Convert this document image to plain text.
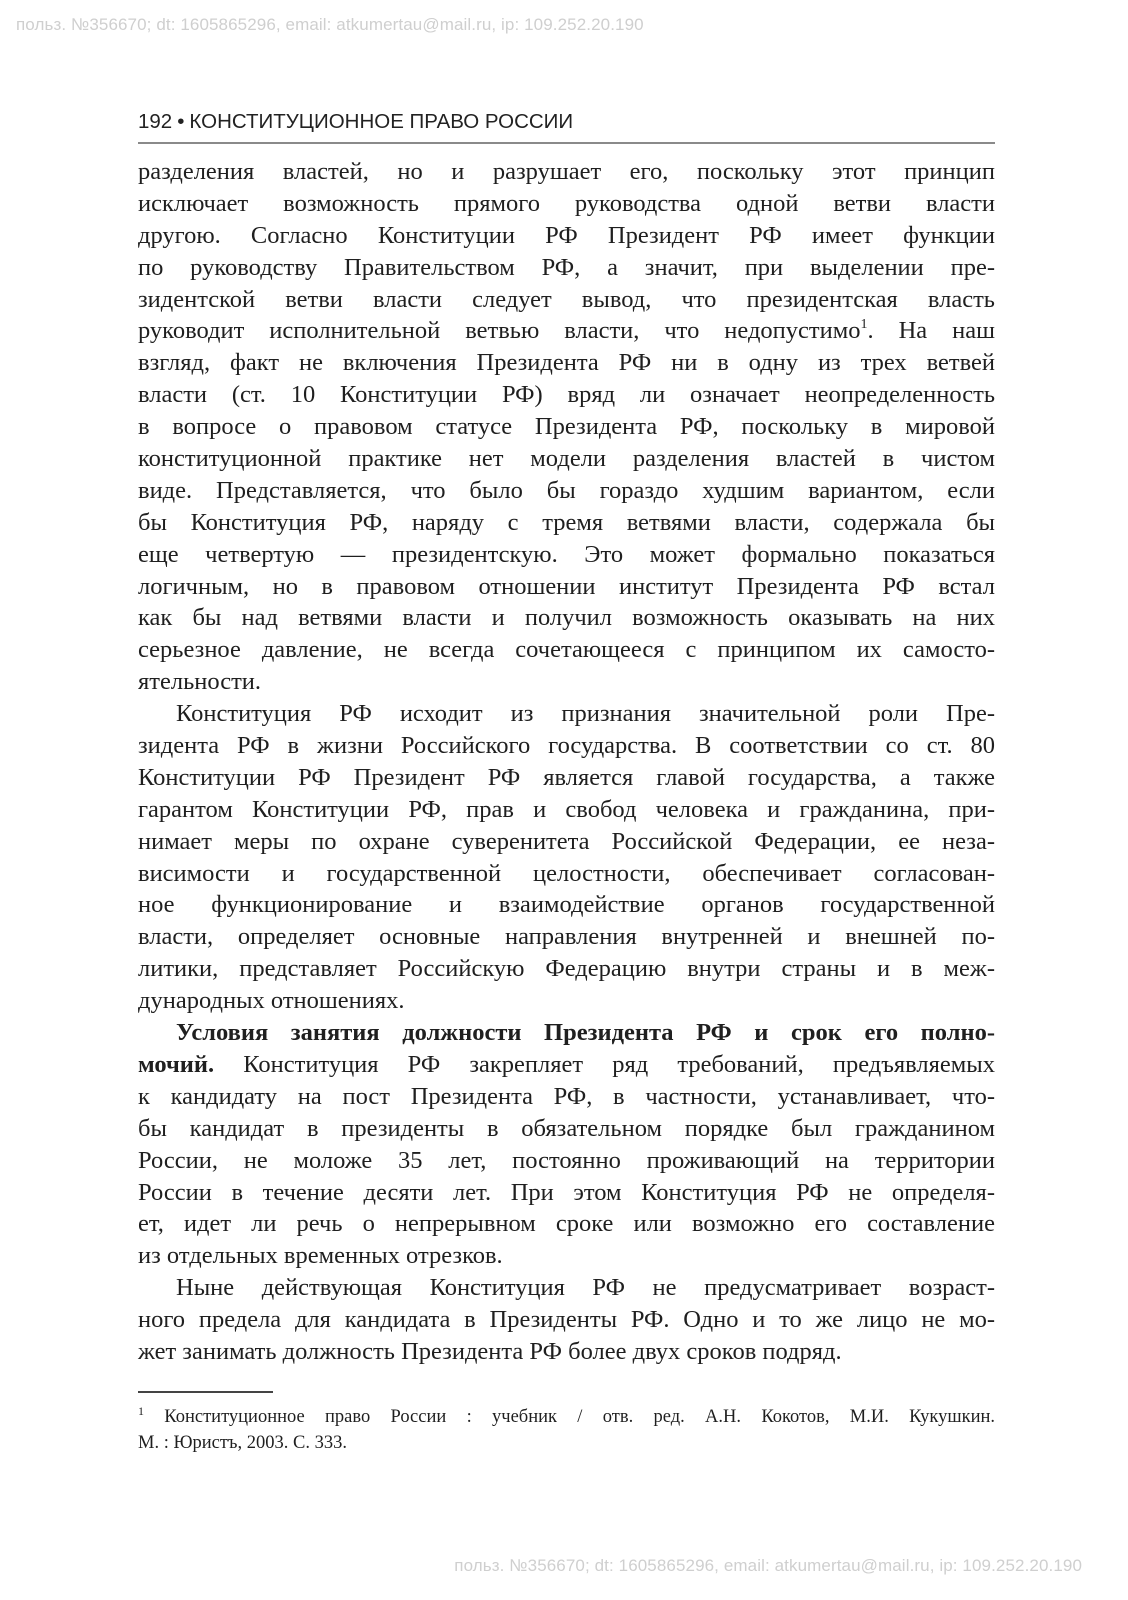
польз. №356670; dt: 1605865296, email: atkumertau@mail.ru, ip: 109.252.20.190
192 • КОНСТИТУЦИОННОЕ ПРАВО РОССИИ
разделения властей, но и разрушает его, поскольку этот принцип
исключает возможность прямого руководства одной ветви власти
другою. Согласно Конституции РФ Президент РФ имеет функции
по руководству Правительством РФ, а значит, при выделении пре-
зидентской ветви власти следует вывод, что президентская власть
руководит исполнительной ветвью власти, что недопустимо$^1$. На наш
взгляд, факт не включения Президента РФ ни в одну из трех ветвей
власти (ст. 10 Конституции РФ) вряд ли означает неопределенность
в вопросе о правовом статусе Президента РФ, поскольку в мировой
конституционной практике нет модели разделения властей в чистом
виде. Представляется, что было бы гораздо худшим вариантом, если
бы Конституция РФ, наряду с тремя ветвями власти, содержала бы
еще четвертую — президентскую. Это может формально показаться
логичным, но в правовом отношении институт Президента РФ встал
как бы над ветвями власти и получил возможность оказывать на них
серьезное давление, не всегда сочетающееся с принципом их самосто-
ятельности.
Конституция РФ исходит из признания значительной роли Пре-
зидента РФ в жизни Российского государства. В соответствии со ст. 80
Конституции РФ Президент РФ является главой государства, а также
гарантом Конституции РФ, прав и свобод человека и гражданина, при-
нимает меры по охране суверенитета Российской Федерации, ее неза-
висимости и государственной целостности, обеспечивает согласован-
ное функционирование и взаимодействие органов государственной
власти, определяет основные направления внутренней и внешней по-
литики, представляет Российскую Федерацию внутри страны и в меж-
дународных отношениях.
Условия занятия должности Президента РФ и срок его полно-
мочий. Конституция РФ закрепляет ряд требований, предъявляемых
к кандидату на пост Президента РФ, в частности, устанавливает, что-
бы кандидат в президенты в обязательном порядке был гражданином
России, не моложе 35 лет, постоянно проживающий на территории
России в течение десяти лет. При этом Конституция РФ не определя-
ет, идет ли речь о непрерывном сроке или возможно его составление
из отдельных временных отрезков.
Ныне действующая Конституция РФ не предусматривает возраст-
ного предела для кандидата в Президенты РФ. Одно и то же лицо не мо-
жет занимать должность Президента РФ более двух сроков подряд.
$^1$ Конституционное право России : учебник / отв. ред. А.Н. Кокотов, М.И. Кукушкин.
М. : Юристъ, 2003. С. 333.
польз. №356670; dt: 1605865296, email: atkumertau@mail.ru, ip: 109.252.20.190
